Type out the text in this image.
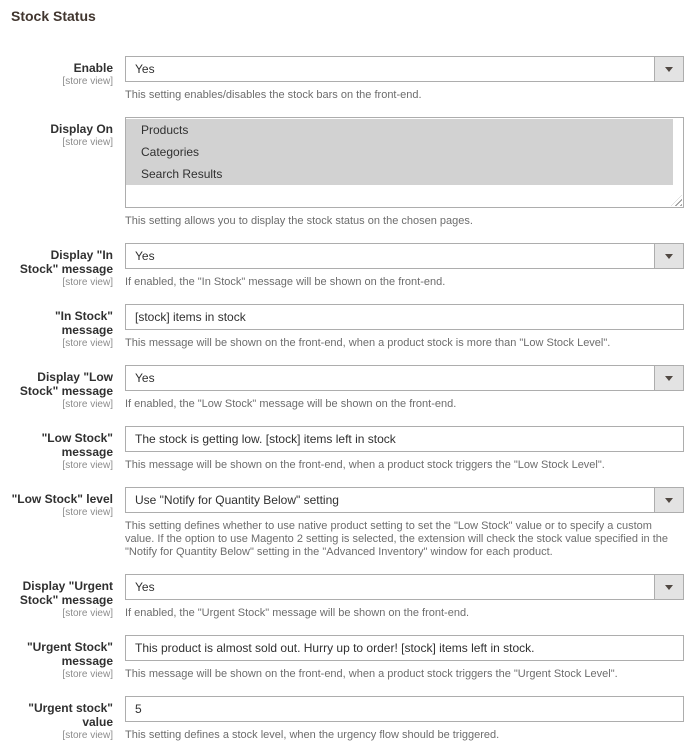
Stock Status
Enable
[store view]
Yes

This setting enables/disables the stock bars on the front-end.

Display On
[store view]
Products
Categories
Search Results

This setting allows you to display the stock status on the chosen pages.

Display "In Stock" message
[store view]
Yes

If enabled, the "In Stock" message will be shown on the front-end.

"In Stock" message
[store view]
[stock] items in stock This message will be shown on the front-end, when a product stock is more than "Low Stock Level".

Display "Low Stock" message
[store view]
Yes

If enabled, the "Low Stock" message will be shown on the front-end.

"Low Stock" message
[store view]
The stock is getting low. [stock] items left in stock This message will be shown on the front-end, when a product stock triggers the "Low Stock Level".

"Low Stock" level
[store view]
Use "Notify for Quantity Below" setting

This setting defines whether to use native product setting to set the "Low Stock" value or to specify a custom value. If the option to use Magento 2 setting is selected, the extension will check the stock value specified in the "Notify for Quantity Below" setting in the "Advanced Inventory" window for each product.

Display "Urgent Stock" message
[store view]
Yes

If enabled, the "Urgent Stock" message will be shown on the front-end.

"Urgent Stock" message
[store view]
This product is almost sold out. Hurry up to order! [stock] items left in stock. This message will be shown on the front-end, when a product stock triggers the "Urgent Stock Level".

"Urgent stock" value
[store view]
5 This setting defines a stock level, when the urgency flow should be triggered.
